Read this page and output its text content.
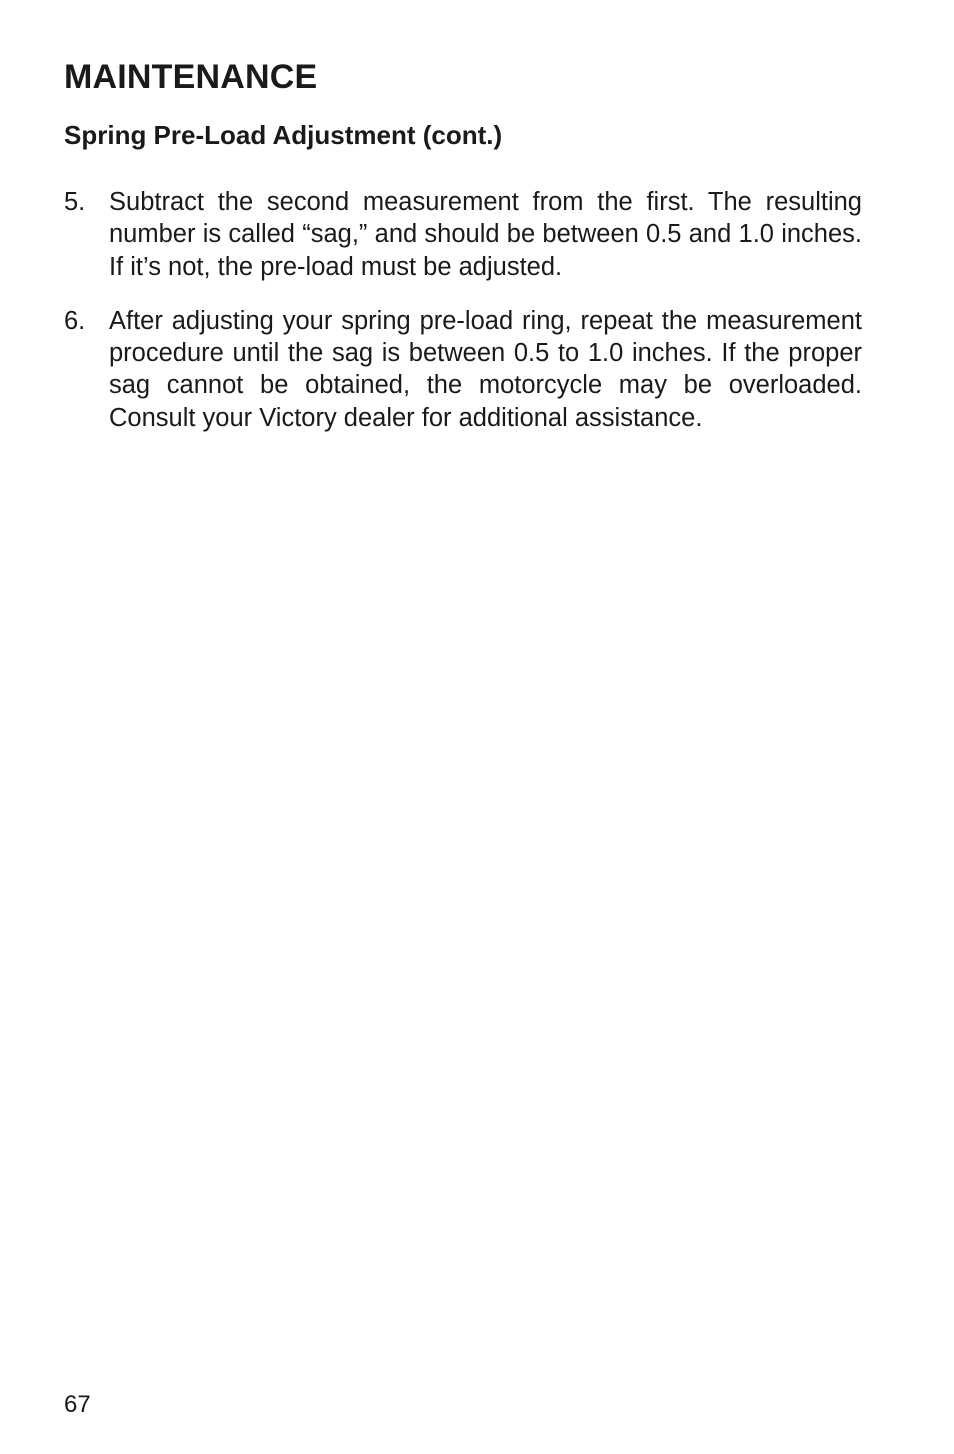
MAINTENANCE
Spring Pre-Load Adjustment (cont.)
5. Subtract the second measurement from the first. The resulting number is called “sag,” and should be between 0.5 and 1.0 inches. If it’s not, the pre-load must be adjusted.
6. After adjusting your spring pre-load ring, repeat the measurement procedure until the sag is between 0.5 to 1.0 inches. If the proper sag cannot be obtained, the motorcycle may be overloaded. Consult your Victory dealer for additional assistance.
67
